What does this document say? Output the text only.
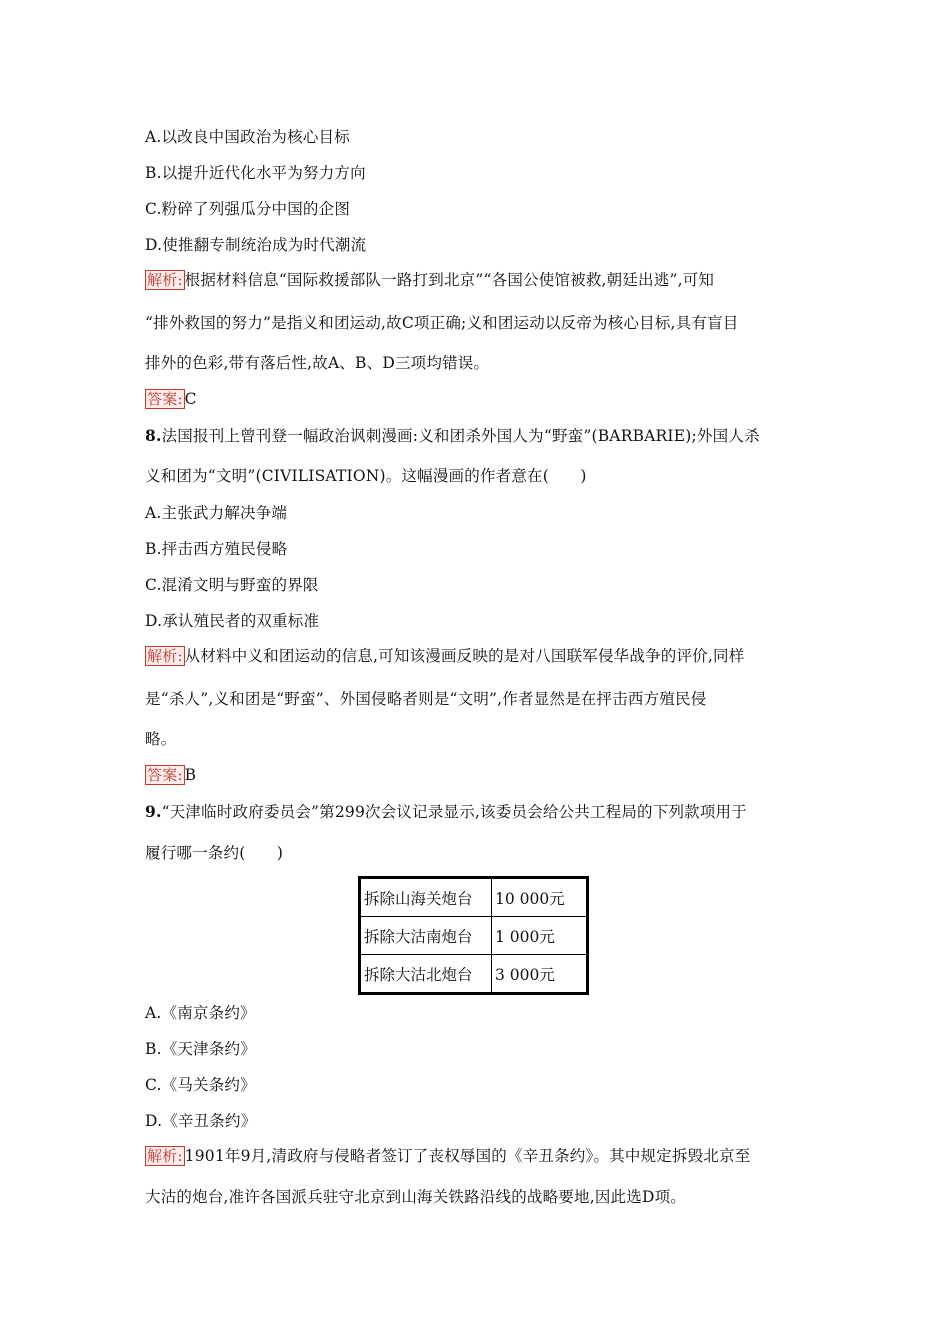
A.以改良中国政治为核心目标
B.以提升近代化水平为努力方向
C.粉碎了列强瓜分中国的企图
D.使推翻专制统治成为时代潮流
解析: 根据材料信息“国际救援部队一路打到北京”“各国公使馆被救,朝廷出逃”,可知
“排外救国的努力”是指义和团运动,故C项正确;义和团运动以反帝为核心目标,具有盲目
排外的色彩,带有落后性,故A、B、D三项均错误。
答案: C
8.法国报刊上曾刊登一幅政治讽刺漫画:义和团杀外国人为“野蛮”(BARBARIE);外国人杀
义和团为“文明”(CIVILISATION)。这幅漫画的作者意在(　　)
A.主张武力解决争端
B.抨击西方殖民侵略
C.混淆文明与野蛮的界限
D.承认殖民者的双重标准
解析: 从材料中义和团运动的信息,可知该漫画反映的是对八国联军侵华战争的评价,同样
是“杀人”,义和团是“野蛮”、外国侵略者则是“文明”,作者显然是在抨击西方殖民侵
略。
答案: B
9.“天津临时政府委员会”第299次会议记录显示,该委员会给公共工程局的下列款项用于
履行哪一条约(　　)
拆除山海关炮台	10 000元
拆除大沽南炮台	1 000元
拆除大沽北炮台	3 000元
A.《南京条约》
B.《天津条约》
C.《马关条约》
D.《辛丑条约》
解析: 1901年9月,清政府与侵略者签订了丧权辱国的《辛丑条约》。其中规定拆毁北京至
大沽的炮台,准许各国派兵驻守北京到山海关铁路沿线的战略要地,因此选D项。
